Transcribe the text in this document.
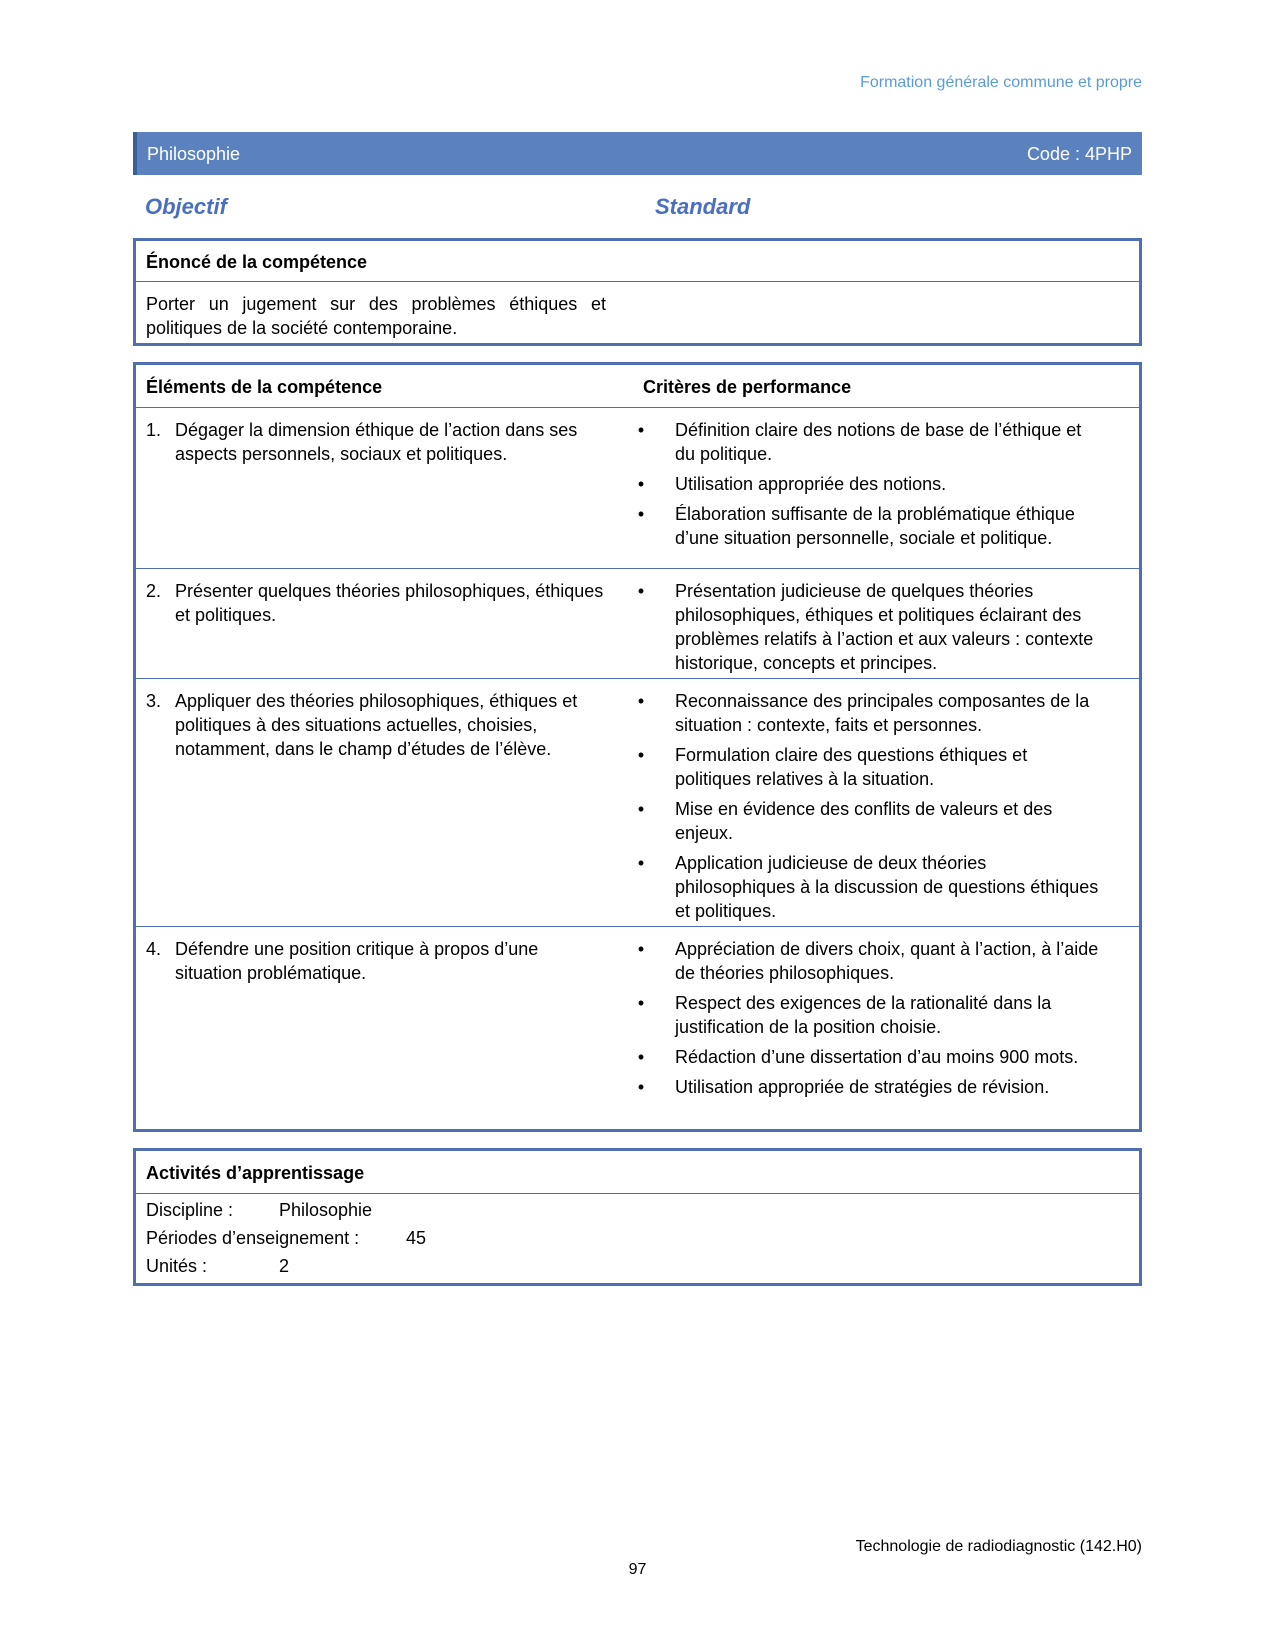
Formation générale commune et propre
Philosophie	Code : 4PHP
Objectif	Standard
Énoncé de la compétence
Porter un jugement sur des problèmes éthiques et politiques de la société contemporaine.
Éléments de la compétence	Critères de performance
1. Dégager la dimension éthique de l’action dans ses aspects personnels, sociaux et politiques.
• Définition claire des notions de base de l’éthique et du politique.
• Utilisation appropriée des notions.
• Élaboration suffisante de la problématique éthique d’une situation personnelle, sociale et politique.
2. Présenter quelques théories philosophiques, éthiques et politiques.
• Présentation judicieuse de quelques théories philosophiques, éthiques et politiques éclairant des problèmes relatifs à l’action et aux valeurs : contexte historique, concepts et principes.
3. Appliquer des théories philosophiques, éthiques et politiques à des situations actuelles, choisies, notamment, dans le champ d’études de l’élève.
• Reconnaissance des principales composantes de la situation : contexte, faits et personnes.
• Formulation claire des questions éthiques et politiques relatives à la situation.
• Mise en évidence des conflits de valeurs et des enjeux.
• Application judicieuse de deux théories philosophiques à la discussion de questions éthiques et politiques.
4. Défendre une position critique à propos d’une situation problématique.
• Appréciation de divers choix, quant à l’action, à l’aide de théories philosophiques.
• Respect des exigences de la rationalité dans la justification de la position choisie.
• Rédaction d’une dissertation d’au moins 900 mots.
• Utilisation appropriée de stratégies de révision.
Activités d’apprentissage
Discipline :	Philosophie
Périodes d’enseignement :	45
Unités :	2
Technologie de radiodiagnostic (142.H0)
97
